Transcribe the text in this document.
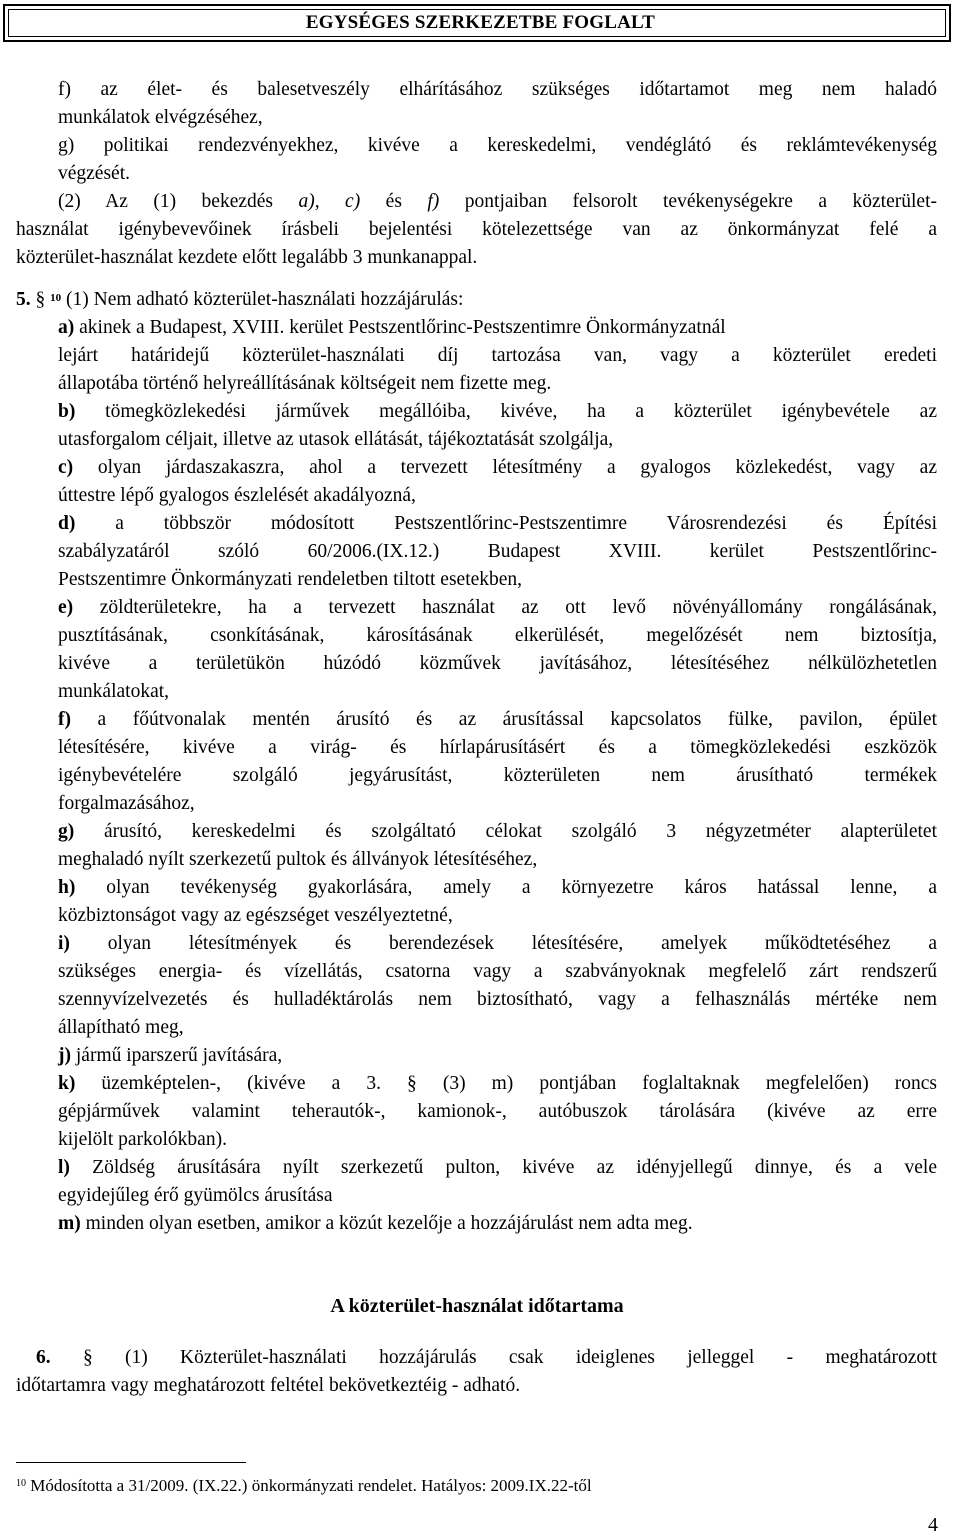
EGYSÉGES SZERKEZETBE FOGLALT
f) az élet- és balesetveszély elhárításához szükséges időtartamot meg nem haladó
munkálatok elvégzéséhez,
g) politikai rendezvényekhez, kivéve a kereskedelmi, vendéglátó és reklámtevékenység
végzését.
(2) Az (1) bekezdés a), c) és f) pontjaiban felsorolt tevékenységekre a közterület-
használat igénybevevőinek írásbeli bejelentési kötelezettsége van az önkormányzat felé a
közterület-használat kezdete előtt legalább 3 munkanappal.
5. § $^{10}$ (1) Nem adható közterület-használati hozzájárulás:
a) akinek a Budapest, XVIII. kerület Pestszentlőrinc-Pestszentimre Önkormányzatnál
lejárt határidejű közterület-használati díj tartozása van, vagy a közterület eredeti
állapotába történő helyreállításának költségeit nem fizette meg.
b) tömegközlekedési járművek megállóiba, kivéve, ha a közterület igénybevétele az
utasforgalom céljait, illetve az utasok ellátását, tájékoztatását szolgálja,
c) olyan járdaszakaszra, ahol a tervezett létesítmény a gyalogos közlekedést, vagy az
úttestre lépő gyalogos észlelését akadályozná,
d) a többször módosított Pestszentlőrinc-Pestszentimre Városrendezési és Építési
szabályzatáról szóló 60/2006.(IX.12.) Budapest XVIII. kerület Pestszentlőrinc-
Pestszentimre Önkormányzati rendeletben tiltott esetekben,
e) zöldterületekre, ha a tervezett használat az ott levő növényállomány rongálásának,
pusztításának, csonkításának, károsításának elkerülését, megelőzését nem biztosítja,
kivéve a területükön húzódó közművek javításához, létesítéséhez nélkülözhetetlen
munkálatokat,
f) a főútvonalak mentén árusító és az árusítással kapcsolatos fülke, pavilon, épület
létesítésére, kivéve a virág- és hírlapárusításért és a tömegközlekedési eszközök
igénybevételére szolgáló jegyárusítást, közterületen nem árusítható termékek
forgalmazásához,
g) árusító, kereskedelmi és szolgáltató célokat szolgáló 3 négyzetméter alapterületet
meghaladó nyílt szerkezetű pultok és állványok létesítéséhez,
h) olyan tevékenység gyakorlására, amely a környezetre káros hatással lenne, a
közbiztonságot vagy az egészséget veszélyeztetné,
i) olyan létesítmények és berendezések létesítésére, amelyek működtetéséhez a
szükséges energia- és vízellátás, csatorna vagy a szabványoknak megfelelő zárt rendszerű
szennyvízelvezetés és hulladéktárolás nem biztosítható, vagy a felhasználás mértéke nem
állapítható meg,
j) jármű iparszerű javítására,
k) üzemképtelen-, (kivéve a 3. § (3) m) pontjában foglaltaknak megfelelően) roncs
gépjárművek valamint teherautók-, kamionok-, autóbuszok tárolására (kivéve az erre
kijelölt parkolókban).
l) Zöldség árusítására nyílt szerkezetű pulton, kivéve az idényjellegű dinnye, és a vele
egyidejűleg érő gyümölcs árusítása
m) minden olyan esetben, amikor a közút kezelője a hozzájárulást nem adta meg.
A közterület-használat időtartama
6. § (1) Közterület-használati hozzájárulás csak ideiglenes jelleggel - meghatározott
időtartamra vagy meghatározott feltétel bekövetkeztéig - adható.
$^{10}$ Módosította a 31/2009. (IX.22.) önkormányzati rendelet. Hatályos: 2009.IX.22-től
4
